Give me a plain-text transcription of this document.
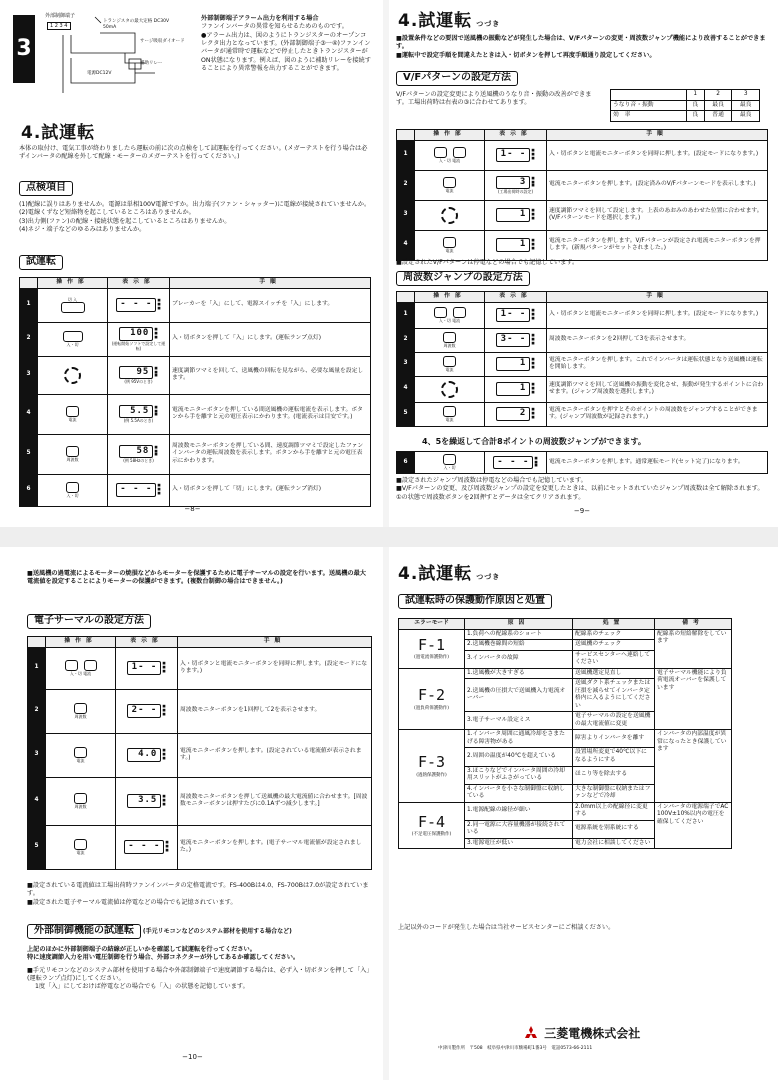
3
外部制御端子
1 2 3 4
トランジスタの最大定格 DC30V 50mA
サージ吸収ダイオード
補助リレー
電源DC12V
外部制御端子アラーム出力を利用する場合
ファンインバータの異常を知らせるためのものです。
●アラーム出力は、図のようにトランジスターのオープンコレクタ出力となっています。(外部制御端子③一④)ファンインバータが通常時で運転などで停止したときトランジスターがON状態になります。例えば、図のように補助リレーを接続することにより異常警報を出力することができます。
4.試運転
本体の取付け、電気工事が終わりましたら運転の前に次の点検をして試運転を行ってください。(メガーテストを行う場合は必ずインバータの配線を外して配線・モーターのメガーテストを行ってください。)
点検項目
(1)配線に誤りはありませんか。電源は単相100V電源ですか。出力端子(ファン・シャッター)に電線が接続されていませんか。
(2)電線くずなど短絡物を起こしているところはありませんか。
(3)出力側(ファン)の配線・接続状態を起こしているところはありませんか。
(4)ネジ・端子などのゆるみはありませんか。
試運転
	操作部	表示部	手順
1	切 入	- - - ■
■
■	ブレーカーを「入」にして、電源スイッチを「入」にします。
2	入・切	100 ■
■
■
(運転開始ソフトで設定して運転)	入・切ボタンを押して「入」にします。(運転ランプ点灯)
3		95 ■
■
■
(例 95Vのとき)	速度調節ツマミを回して、送風機の回転を見ながら、必要な風量を設定します。
4	電流	5.5 ■
■
■
(例 5.5Aのとき)	電流モニターボタンを押している間送風機の運転電流を表示します。ボタンから手を離すと元の電圧表示にかわります。(電流表示は目安です。)
5	周波数	58 ■
■
■
(例 58Hzのとき)	周波数モニターボタンを押している間、速度調節ツマミで設定したファンインバータの運転周波数を表示します。ボタンから手を離すと元の電圧表示にかわります。
6	入・切	- - - ■
■
■	入・切ボタンを押して「切」にします。(運転ランプ消灯)
−8−
4.試運転 つづき
■設置条件などの要因で送風機の振動などが発生した場合は、V/Fパターンの変更・周波数ジャンプ機能により改善することができます。
■運転中で設定手順を間違えたときは入・切ボタンを押して再度手順通り設定してください。
V/Fパターンの設定方法
V/Fパターンの設定変更により送風機のうなり音・振動の改善ができます。工場出荷時は右表の③に合わせてあります。
	1	2	3
うなり音・振動	良	最良	最良
効　率	良	普通	最良
	操作部	表示部	手順
1	入・切 電流	1- - ■
■
■	入・切ボタンと電流モニターボタンを同時に押します。(設定モードになります。)
2	電流	3 ■
■
■
(工場出荷時の設定)	電流モニターボタンを押します。(設定済みのV/Fパターンモードを表示します。)
3		1 ■
■
■	速度調節ツマミを回して設定します。上表のあおみのあわせた位置に合わせます。(V/Fパターンモードを選択します。)
4	電流	1 ■
■
■	電流モニターボタンを押します。V/Fパターンが設定され電流モニターボタンを押します。(新規パターンがセットされました。)
■設定されたV/Fパターンは停電などの場合でも記憶しています。
周波数ジャンプの設定方法
	操作部	表示部	手順
1	入・切 電流	1- - ■
■
■	入・切ボタンと電流モニターボタンを同時に押します。(設定モードになります。)
2	周波数	3- - ■
■
■	周波数モニターボタンを2回押して3を表示させます。
3	電流	1 ■
■
■	電流モニターボタンを押します。これでインバータは運転状態となり送風機は運転を開始します。
4		1 ■
■
■	速度調節ツマミを回して送風機の振動を変化させ、振動が発生するポイントに合わせます。(ジャンプ周波数を選択します。)
5	電流	2 ■
■
■	電流モニターボタンを押すとそのポイントの周波数をジャンプすることができます。(ジャンプ周波数が記録されます。)
4、5を繰返して合計8ポイントの周波数ジャンプができます。
6	
入・切
	- - - ■
■
■	電流モニターボタンを押します。通常運転モード(セット完了)になります。
■設定されたジャンプ周波数は停電などの場合でも記憶しています。
■V/Fパターンの変更、及び周波数ジャンプの設定を変更したときは、以前にセットされていたジャンプ周波数は全て解除されます。①の状態で周波数ボタンを2回押すとデータは全てクリアされます。
−9−
■送風機の過電流によるモーターの焼損などからモーターを保護するために電子サーマルの設定を行います。送風機の最大電流値を設定することによりモーターの保護ができます。(複数台制御の場合はできません。)
電子サーマルの設定方法
	操作部	表示部	手順
1	入・切 電流	1- - ■
■
■	入・切ボタンと電流モニターボタンを同時に押します。(設定モードになります。)
2	周波数	2- - ■
■
■	周波数モニターボタンを1回押して2を表示させます。
3	電流	4.0 ■
■
■	電流モニターボタンを押します。(設定されている電流値が表示されます。)
4	周波数	3.5 ■
■
■	周波数モニターボタンを押して送風機の最大電流値に合わせます。[周波数モニターボタンは押すたびに0.1Aずつ減少します。]
5	電流	- - - ■
■
■	電流モニターボタンを押します。(電子サーマル電流値が設定されました。)
■設定されている電流値は工場出荷時ファンインバータの定格電流です。FS-400Bは4.0、FS-700Bは7.0が設定されています。
■設定された電子サーマル電流値は停電などの場合でも記憶されています。
外部制御機能の試運転 (手元リモコンなどのシステム部材を使用する場合など)
上記のほかに外部制御端子の結線が正しいかを確認して試運転を行ってください。
特に速度調節入力を用い電圧制御を行う場合、外部コネクターが外してあるか確認してください。
■手元リモコンなどのシステム部材を使用する場合や外部制御端子で速度調節する場合は、必ず入・切ボタンを押して「入」(運転ランプ点灯)にしてください。
1度「入」にしておけば停電などの場合でも「入」の状態を記憶しています。
−10−
4.試運転 つづき
試運転時の保護動作原因と処置
エラーモード	原因	処置	備考

F-1
(過電流保護動作)	1.負荷への配線系のショート	配線系のチェック	配線系の短絡解除をしています
	2.送風機巻線間の短絡	送風機のチェック	
	3.インバータの故障	サービスセンターへ連絡してください	

F-2
(過負荷保護動作)	1.送風機が大きすぎる	送風機選定見直し	電子サーマル機能により負荷電流オーバーを保護しています
	2.送風機の圧損大で送風機入力電流オーバー	送風ダクト系チェックまたは圧損を減らせてインバータ定格内に入るようにしてください	
	3.電子サーマル設定ミス	電子サーマルの設定を送風機の最大電流値に変更	

F-3
(過熱保護動作)	1.インバータ周囲に通風冷却をさまたげる障害物がある	障害よりインバータを離す	インバータの内部温度が異常になったとき保護しています
	2.周囲の温度が40℃を超えている	設置場所変更で40℃以下になるようにする	
	3.ほこりなどでインバータ周囲の冷却用スリットがふさがっている	ほこり等を除去する	
	4.インバータを小さな制御盤に収納している	大きな制御盤に収納またはファンなどで冷却	

F-4
(不足電圧保護動作)	1.電源配線の線径が細い	2.0mm以上の配線径に変更する	インバータの電源端子でAC 100V±10%以内の電圧を確保してください
	2.同一電源に大容量機器が接続されている	電源系統を別系統にする	
	3.電源電圧が低い	電力会社に相談してください	
上記以外のコードが発生した場合は当社サービスセンターにご相談ください。
三菱電機株式会社
中津川製作所　〒508　岐阜県中津川市駒場町1番3号　電話0573-66-2111
